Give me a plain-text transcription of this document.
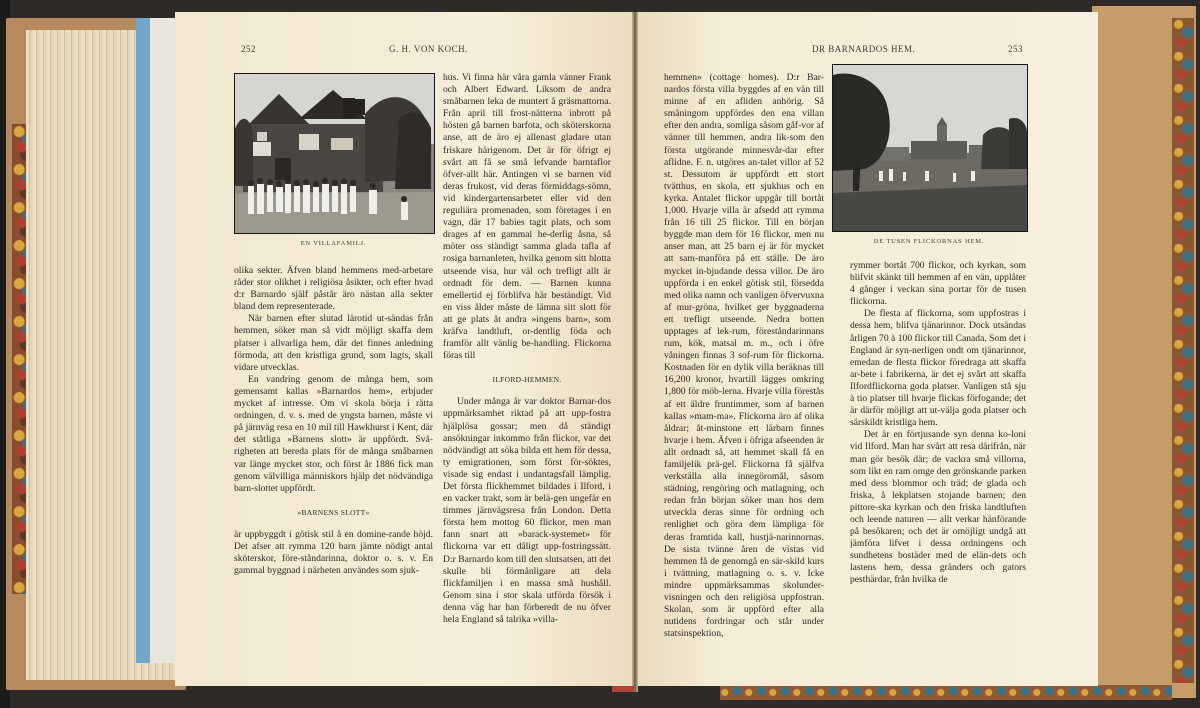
252	G. H. VON KOCH.
EN VILLAFAMILJ.

olika sekter. Äfven bland hemmens med-arbetare råder stor olikhet i religiösa åsikter, och efter hvad d:r Barnardo själf påstår äro nästan alla sekter bland dem representerade.

När barnen efter slutad lärotid ut-sändas från hemmen, söker man så vidt möjligt skaffa dem platser i allvarliga hem, där det finnes anledning förmoda, att den kristliga grund, som lagts, skall vidare utvecklas.

En vandring genom de många hem, som gemensamt kallas »Barnardos hem», erbjuder mycket af intresse. Om vi skola börja i rätta ordningen, d. v. s. med de yngsta barnen, måste vi på järnväg resa en 10 mil till Hawkhurst i Kent, där det ståtliga »Barnens slott» är uppfördt. Svå-righeten att bereda plats för de många småbarnen var länge mycket stor, och först år 1886 fick man genom välvilliga människors hjälp det nödvändiga barn-slottet uppfördt.

»BARNENS SLOTT»

är uppbyggdt i götisk stil å en domine-rande höjd. Det afser att rymma 120 barn jämte nödigt antal sköterskor, före-ståndarinna, doktor o. s. v. En gammal byggnad i närheten användes som sjuk-

hus. Vi finna här våra gamla vänner Frank och Albert Edward. Liksom de andra småbarnen leka de muntert å gräsmattorna. Från april till frost-nätterna inbrott på hösten gå barnen barfota, och sköterskorna anse, att de äro ej allenast gladare utan friskare härigenom. Det är för öfrigt ej svårt att få se små lefvande barntaflor öfver-allt här. Antingen vi se barnen vid deras frukost, vid deras förmiddags-sömn, vid kindergartensarbetet eller vid den reguliära promenaden, som företages i en vagn, där 17 babies tagit plats, och som drages af en gammal he-derlig åsna, så möter oss ständigt samma glada tafla af rosiga barnanleten, hvilka genom sitt blotta utseende visa, hur väl och trefligt allt är ordnadt för dem. — Barnen kunna emellertid ej förblifva här beständigt. Vid en viss ålder måste de lämna sitt slott för att ge plats åt andra »ingens barn», som kräfva landtluft, or-dentlig föda och framför allt vänlig be-handling. Flickorna föras till

ILFORD-HEMMEN.

Under många år var doktor Barnar-dos uppmärksamhet riktad på att upp-fostra hjälplösa gossar; men då ständigt ansökningar inkommo från flickor, var det nödvändigt att söka bilda ett hem för dessa, ty emigrationen, som först för-söktes, visade sig endast i undantagsfall lämplig. Det första flickhemmet bildades i Ilford, i en vacker trakt, som är belä-gen ungefär en timmes järnvägsresa från London. Detta första hem mottog 60 flickor, men man fann snart att »barack-systemet» för flickorna var ett dåligt upp-fostringssätt. D:r Barnardo kom till den slutsatsen, att det skulle bli förmånligare att dela flickfamiljen i en massa små hushåll. Genom sina i stor skala utförda försök i denna väg har han förberedt de nu öfver hela England så talrika »villa-

DR BARNARDOS HEM.	253
DE TUSEN FLICKORNAS HEM.

hemmen» (cottage homes). D:r Bar-nardos första villa byggdes af en vän till minne af en afliden anhörig. Så småningom uppfördes den ena villan efter den andra, somliga såsom gåf-vor af vänner till hemmen, andra lik-som den första utgörande minnesvår-dar efter aflidne. F. n. utgöres an-talet villor af 52 st. Dessutom är uppfördt ett stort tvätthus, en skola, ett sjukhus och en kyrka. Antalet flickor uppgår till bortåt 1,000. Hvarje villa är afsedd att rymma från 16 till 25 flickor. Till en början byggde man dem för 16 flickor, men nu anser man, att 25 barn ej är för mycket att sam-manföra på ett ställe. De äro mycket in-bjudande dessa villor. De äro uppförda i en enkel götisk stil, försedda med olika namn och vanligen öfvervuxna af mur-gröna, hvilket ger byggnaderna ett trefligt utseende. Nedra botten upptages af lek-rum, föreståndarinnans rum, kök, matsal m. m., och i öfre våningen finnas 3 sof-rum för flickorna. Kostnaden för en dylik villa beräknas till 16,200 kronor, hvartill lägges omkring 1,800 för möb-lerna. Hvarje villa förestås af ett äldre fruntimmer, som af barnen kallas »mam-ma». Flickorna äro af olika åldrar; åt-minstone ett lärbarn finnes hvarje i hem. Äfven i öfriga afseenden är allt ordnadt så, att hemmet skall få en familjelik prä-gel. Flickorna få själfva verkställa alla innegöromål, såsom städning, rengöring och matlagning, och redan från början söker man hos dem utveckla deras sinne för ordning och renlighet och göra dem lämpliga för deras framtida kall, hustjä-narinnornas. De sista tvänne åren de vistas vid hemmen få de genomgå en sär-skild kurs i tvättning, matlagning o. s. v. Icke mindre uppmärksammas skolunder-visningen och den religiösa uppfostran. Skolan, som är uppförd efter alla nutidens fordringar och står under statsinspektion,

rymmer bortåt 700 flickor, och kyrkan, som blifvit skänkt till hemmen af en vän, upplåter 4 gånger i veckan sina portar för de tusen flickorna.

De flesta af flickorna, som uppfostras i dessa hem, blifva tjänarinnor. Dock utsändas årligen 70 à 100 flickor till Canada. Som det i England är syn-nerligen ondt om tjänarinnor, emedan de flesta flickor föredraga att skaffa ar-bete i fabrikerna, är det ej svårt att skaffa Ilfordflickorna goda platser. Vanligen stå sju à tio platser till hvarje flickas förfogande; det är därför möjligt att ut-välja goda platser och särskildt kristliga hem.

Det är en förtjusande syn denna ko-loni vid Ilford. Man har svårt att resa därifrån, när man gör besök där; de vackra små villorna, som likt en ram omge den grönskande parken med dess blommor och träd; de glada och friska, å lekplatsen stojande barnen; den pittore-ska kyrkan och den friska landtluften och leende naturen — allt verkar hänförande på besökaren; och det är omöjligt undgå att jämföra lifvet i dessa ordningens och sundhetens bostäder med de elän-dets och lastens hem, dessa gränders och gators pesthärdar, från hvilka de
